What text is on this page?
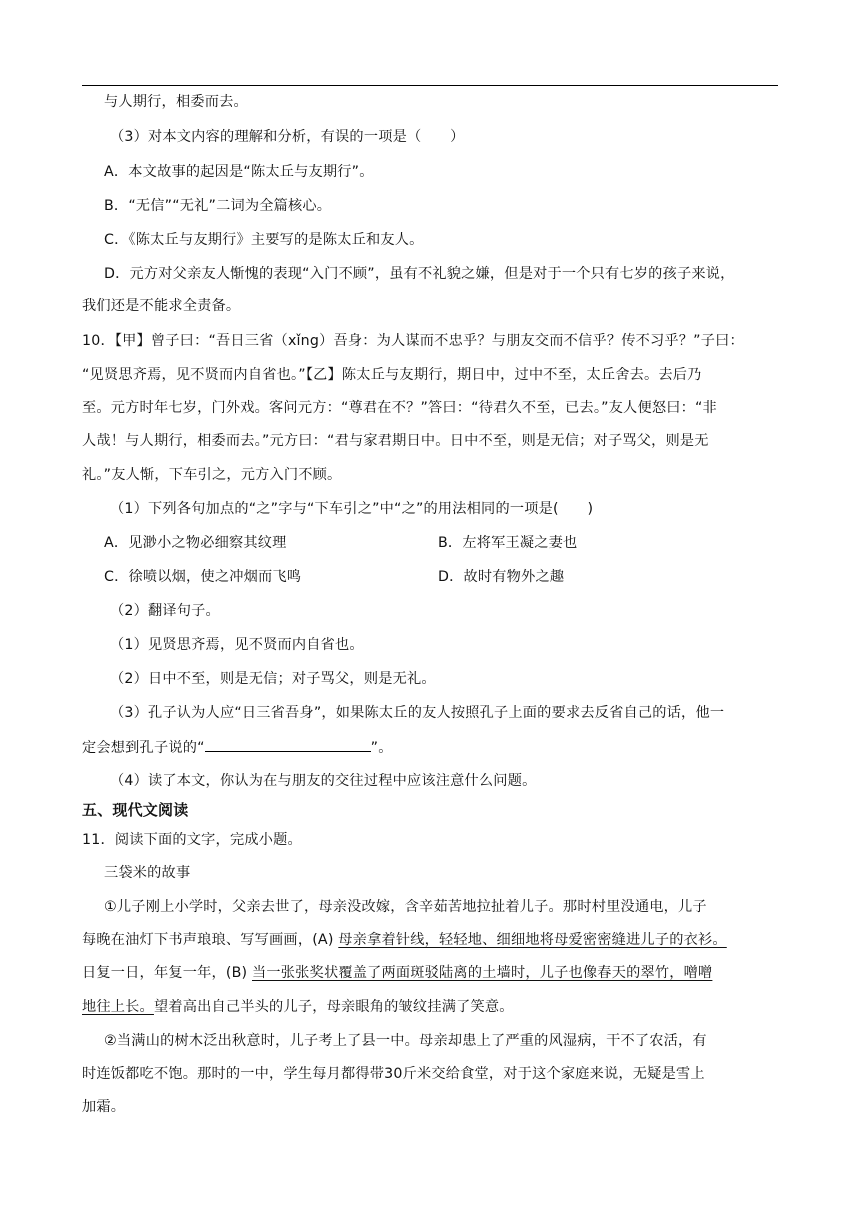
与人期行，相委而去。
（3）对本文内容的理解和分析，有误的一项是（　　）
A．本文故事的起因是“陈太丘与友期行”。
B．“无信”“无礼”二词为全篇核心。
C．《陈太丘与友期行》主要写的是陈太丘和友人。
D．元方对父亲友人惭愧的表现“入门不顾”，虽有不礼貌之嫌，但是对于一个只有七岁的孩子来说，
我们还是不能求全责备。
10．【甲】曾子曰：“吾日三省（xǐng）吾身：为人谋而不忠乎？与朋友交而不信乎？传不习乎？”子曰：
“见贤思齐焉，见不贤而内自省也。”【乙】陈太丘与友期行，期日中，过中不至，太丘舍去。去后乃
至。元方时年七岁，门外戏。客问元方：“尊君在不？”答曰：“待君久不至，已去。”友人便怒曰：“非
人哉！与人期行，相委而去。”元方曰：“君与家君期日中。日中不至，则是无信；对子骂父，则是无
礼。”友人惭，下车引之，元方入门不顾。
（1）下列各句加点的“之”字与“下车引之”中“之”的用法相同的一项是(　　)
A．见渺小之物必细察其纹理	B．左将军王凝之妻也
C．徐喷以烟，使之冲烟而飞鸣	D．故时有物外之趣
（2）翻译句子。
（1）见贤思齐焉，见不贤而内自省也。
（2）日中不至，则是无信；对子骂父，则是无礼。
（3）孔子认为人应“日三省吾身”，如果陈太丘的友人按照孔子上面的要求去反省自己的话，他一
定会想到孔子说的“	”。
（4）读了本文，你认为在与朋友的交往过程中应该注意什么问题。
五、现代文阅读
11．阅读下面的文字，完成小题。
三袋米的故事
①儿子刚上小学时，父亲去世了，母亲没改嫁，含辛茹苦地拉扯着儿子。那时村里没通电，儿子
每晚在油灯下书声琅琅、写写画画，(A) 母亲拿着针线，轻轻地、细细地将母爱密密缝进儿子的衣衫。
日复一日，年复一年，(B) 当一张张奖状覆盖了两面斑驳陆离的土墙时，儿子也像春天的翠竹，噌噌
地往上长。望着高出自己半头的儿子，母亲眼角的皱纹挂满了笑意。
②当满山的树木泛出秋意时，儿子考上了县一中。母亲却患上了严重的风湿病，干不了农活，有
时连饭都吃不饱。那时的一中，学生每月都得带30斤米交给食堂，对于这个家庭来说，无疑是雪上
加霜。
